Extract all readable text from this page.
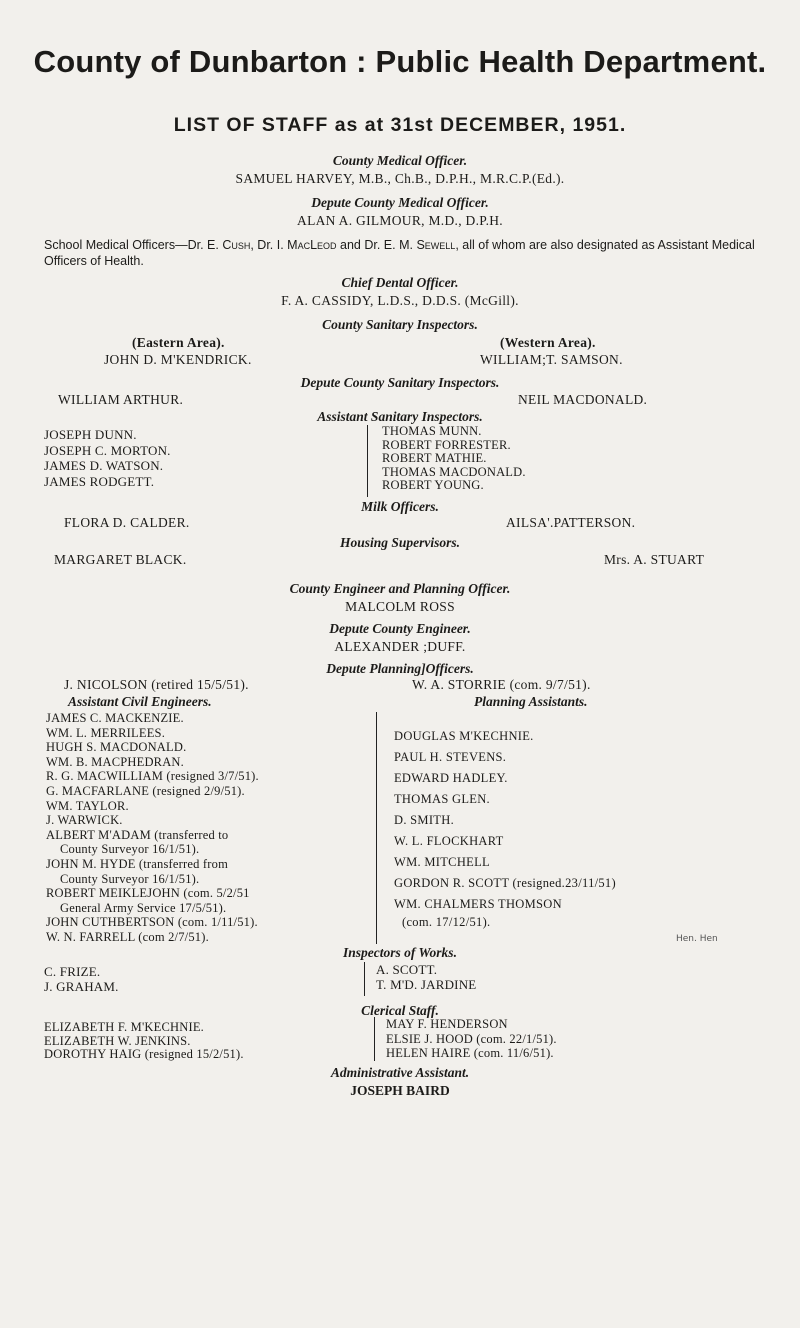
County of Dunbarton : Public Health Department.
LIST OF STAFF as at 31st DECEMBER, 1951.
County Medical Officer.
SAMUEL HARVEY, M.B., Ch.B., D.P.H., M.R.C.P.(Ed.).
Depute County Medical Officer.
ALAN A. GILMOUR, M.D., D.P.H.
School Medical Officers—Dr. E. Cush, Dr. I. MacLeod and Dr. E. M. Sewell, all of whom are also designated as Assistant Medical Officers of Health.
Chief Dental Officer.
F. A. CASSIDY, L.D.S., D.D.S. (McGill).
County Sanitary Inspectors.
(Eastern Area).	(Western Area).
JOHN D. M'KENDRICK.	WILLIAM;T. SAMSON.
Depute County Sanitary Inspectors.
WILLIAM ARTHUR.	NEIL MACDONALD.
Assistant Sanitary Inspectors.
JOSEPH DUNN.
JOSEPH C. MORTON.
JAMES D. WATSON.
JAMES RODGETT.
THOMAS MUNN.
ROBERT FORRESTER.
ROBERT MATHIE.
THOMAS MACDONALD.
ROBERT YOUNG.
Milk Officers.
FLORA D. CALDER.	AILSA'.PATTERSON.
Housing Supervisors.
MARGARET BLACK.	Mrs. A. STUART
County Engineer and Planning Officer.
MALCOLM ROSS
Depute County Engineer.
ALEXANDER ;DUFF.
Depute Planning]Officers.
J. NICOLSON (retired 15/5/51).	W. A. STORRIE (com. 9/7/51).
Assistant Civil Engineers.
JAMES C. MACKENZIE.
WM. L. MERRILEES.
HUGH S. MACDONALD.
WM. B. MACPHEDRAN.
R. G. MACWILLIAM (resigned 3/7/51).
G. MACFARLANE (resigned 2/9/51).
WM. TAYLOR.
J. WARWICK.
ALBERT M'ADAM (transferred to
County Surveyor 16/1/51).
JOHN M. HYDE (transferred from
County Surveyor 16/1/51).
ROBERT MEIKLEJOHN (com. 5/2/51
General Army Service 17/5/51).
JOHN CUTHBERTSON (com. 1/11/51).
W. N. FARRELL (com 2/7/51).
Planning Assistants.
DOUGLAS M'KECHNIE.
PAUL H. STEVENS.
EDWARD HADLEY.
THOMAS GLEN.
D. SMITH.
W. L. FLOCKHART
WM. MITCHELL
GORDON R. SCOTT (resigned.23/11/51)
WM. CHALMERS THOMSON
(com. 17/12/51).
Hen. Hen
Inspectors of Works.
C. FRIZE.
J. GRAHAM.
A. SCOTT.
T. M'D. JARDINE
Clerical Staff.
ELIZABETH F. M'KECHNIE.
ELIZABETH W. JENKINS.
DOROTHY HAIG (resigned 15/2/51).
MAY F. HENDERSON
ELSIE J. HOOD (com. 22/1/51).
HELEN HAIRE (com. 11/6/51).
Administrative Assistant.
JOSEPH BAIRD
